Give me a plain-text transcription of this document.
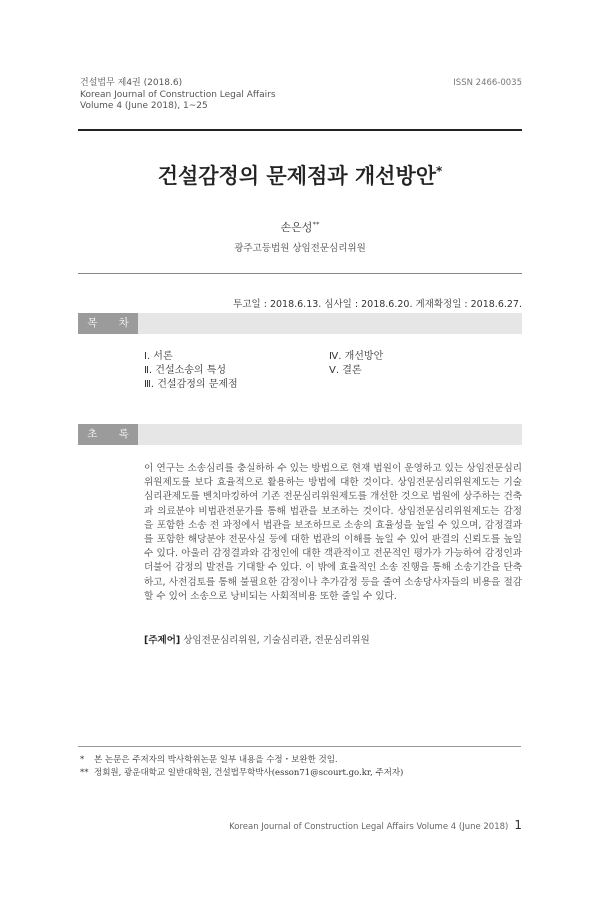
건설법무 제4권 (2018.6)
Korean Journal of Construction Legal Affairs
Volume 4 (June 2018), 1~25
ISSN 2466-0035
건설감정의 문제점과 개선방안*
손은성**
광주고등법원 상임전문심리위원
투고일 : 2018.6.13. 심사일 : 2018.6.20. 게재확정일 : 2018.6.27.
목 차
Ⅰ. 서론
Ⅱ. 건설소송의 특성
Ⅲ. 건설감정의 문제점
Ⅳ. 개선방안
Ⅴ. 결론
초 록

이 연구는 소송심리를 충실하하 수 있는 방법으로 현재 법원이 운영하고 있는 상임전문심리위원제도를 보다 효율적으로 활용하는 방법에 대한 것이다. 상임전문심리위원제도는 기술심리관제도를 벤치마킹하여 기존 전문심리위원제도를 개선한 것으로 법원에 상주하는 건축과 의료분야 비법관전문가를 통해 법관을 보조하는 것이다. 상임전문심리위원제도는 감정을 포함한 소송 전 과정에서 법관을 보조하므로 소송의 효율성을 높일 수 있으며, 감정결과를 포함한 해당분야 전문사실 등에 대한 법관의 이해를 높일 수 있어 판결의 신뢰도를 높일 수 있다. 아울러 감정결과와 감정인에 대한 객관적이고 전문적인 평가가 가능하여 감정인과 더불어 감정의 발전을 기대할 수 있다. 이 밖에 효율적인 소송 진행을 통해 소송기간을 단축하고, 사전검토를 통해 불필요한 감정이나 추가감정 등을 줄여 소송당사자들의 비용을 절감할 수 있어 소송으로 낭비되는 사회적비용 또한 줄일 수 있다.

[주제어] 상임전문심리위원, 기술심리관, 전문심리위원
* 본 논문은 주저자의 박사학위논문 일부 내용을 수정・보완한 것임.
** 정회원, 광운대학교 일반대학원, 건설법무학박사(esson71@scourt.go.kr, 주저자)
Korean Journal of Construction Legal Affairs Volume 4 (June 2018) 1
